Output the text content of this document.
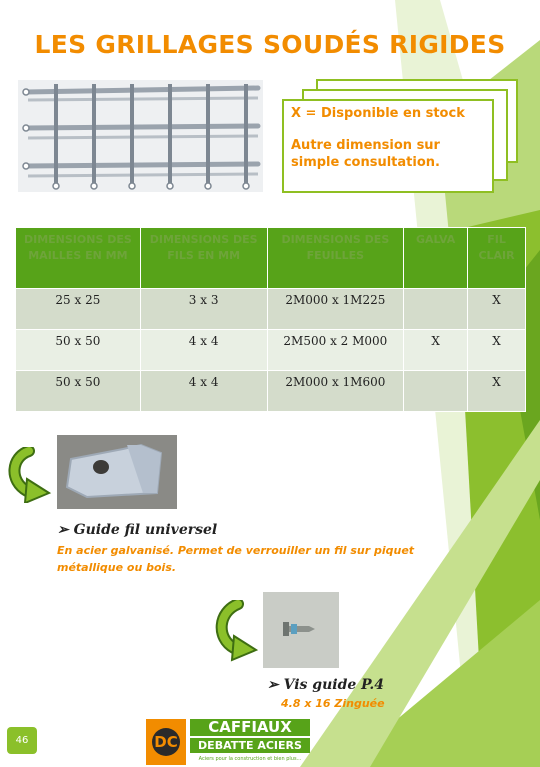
LES GRILLAGES SOUDÉS RIGIDES
X = Disponible en stock
Autre dimension sur simple consultation.
DIMENSIONS DES MAILLES EN MM	DIMENSIONS DES FILS EN MM	DIMENSIONS DES FEUILLES	GALVA	FIL CLAIR
25 x 25	3 x 3	2M000 x 1M225		X
50 x 50	4 x 4	2M500 x 2 M000	X	X
50 x 50	4 x 4	2M000 x 1M600		X
➢ Guide fil universel
En acier galvanisé. Permet de verrouiller un fil sur piquet métallique ou bois.
➢ Vis guide P.4
4.8 x 16 Zinguée
46	DC
CAFFIAUX
DEBATTE ACIERS
Aciers pour la construction et bien plus...
